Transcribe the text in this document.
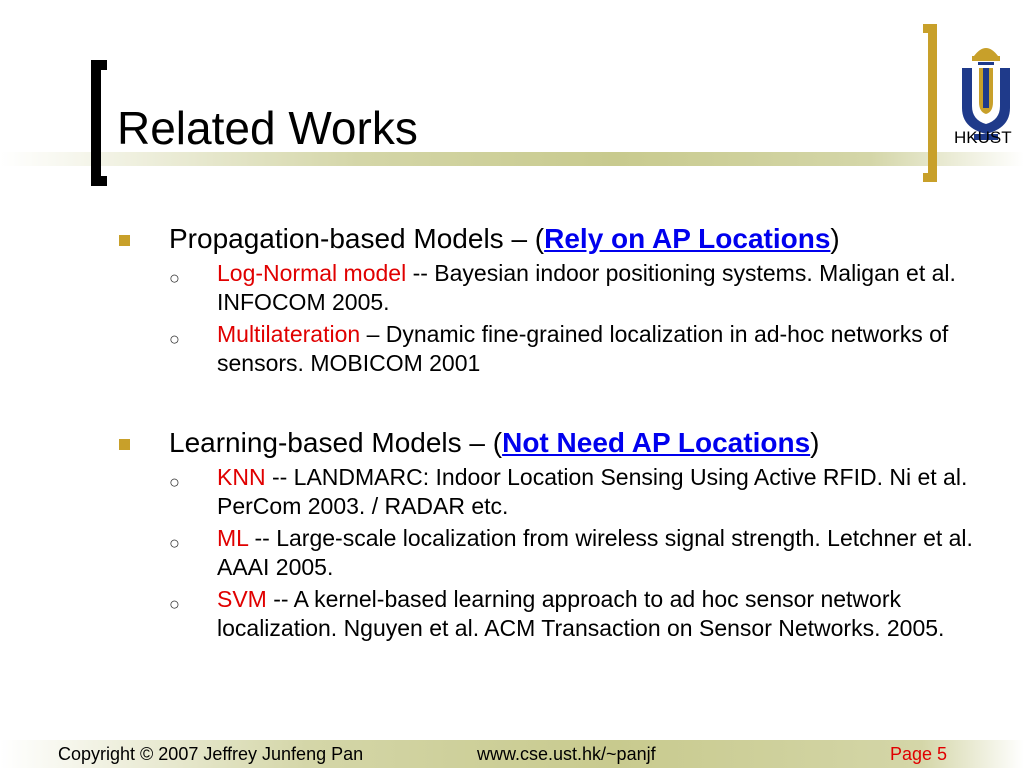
Related Works	HKUST
Propagation-based Models – (Rely on AP Locations)
○ Log-Normal model -- Bayesian indoor positioning systems. Maligan et al. INFOCOM 2005.
○ Multilateration – Dynamic fine-grained localization in ad-hoc networks of sensors. MOBICOM 2001
Learning-based Models – (Not Need AP Locations)
○ KNN -- LANDMARC: Indoor Location Sensing Using Active RFID. Ni et al. PerCom 2003. / RADAR etc.
○ ML -- Large-scale localization from wireless signal strength. Letchner et al. AAAI 2005.
○ SVM -- A kernel-based learning approach to ad hoc sensor network localization. Nguyen et al. ACM Transaction on Sensor Networks. 2005.
Copyright © 2007 Jeffrey Junfeng Pan	www.cse.ust.hk/~panjf	Page 5
